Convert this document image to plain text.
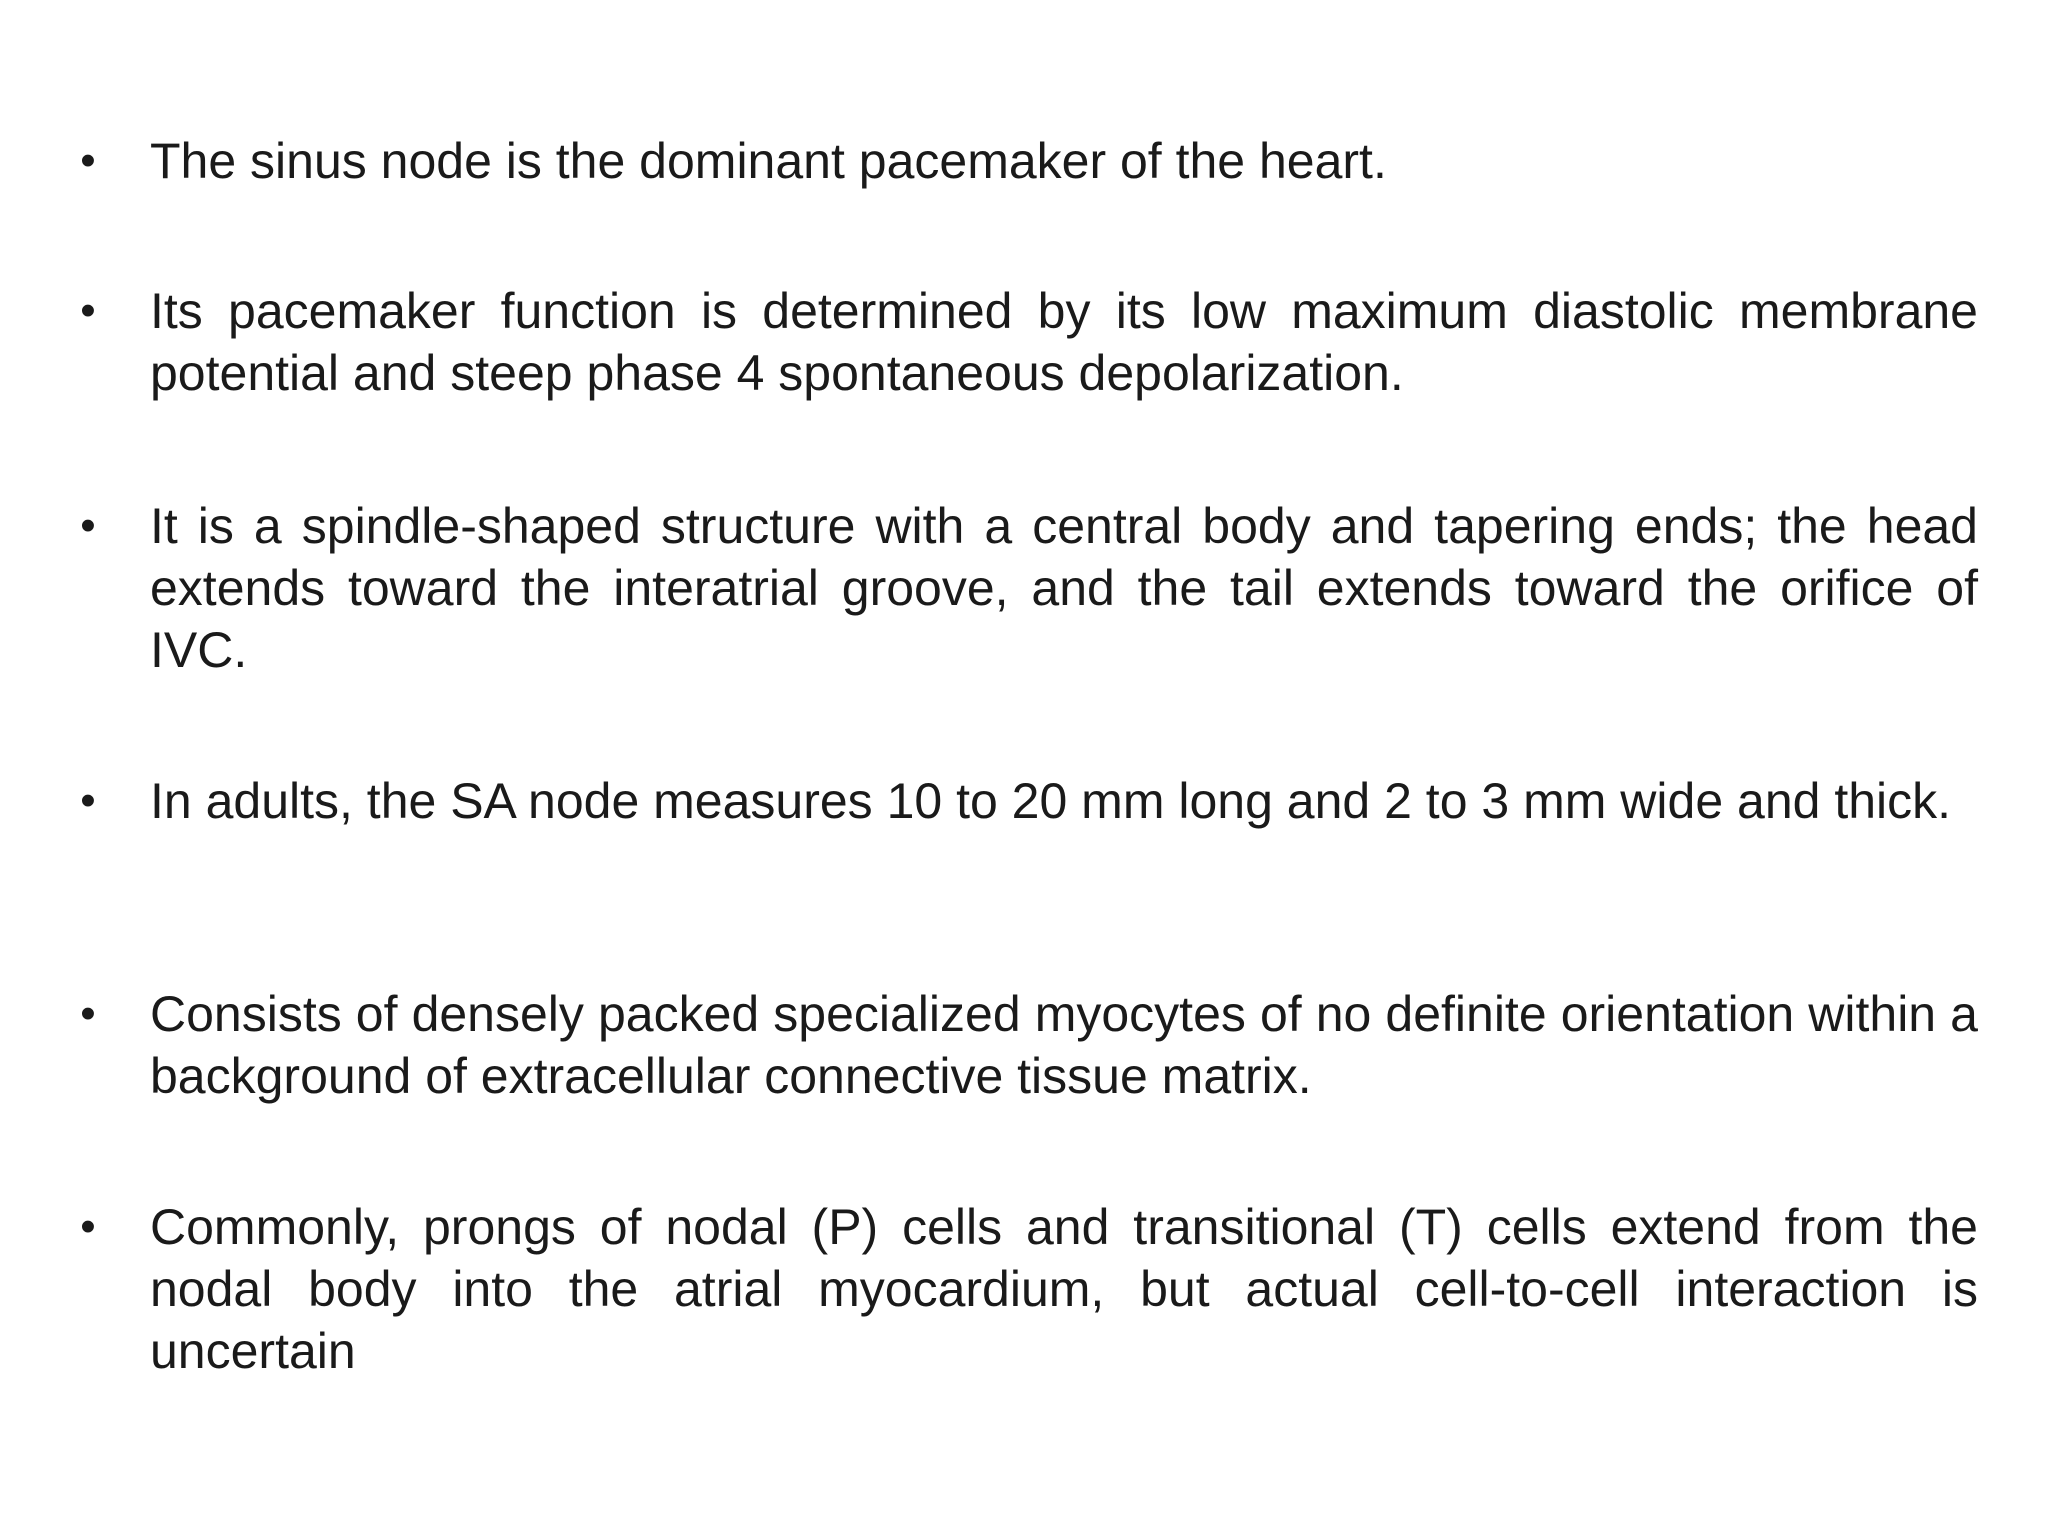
• The sinus node is the dominant pacemaker of the heart.
• Its pacemaker function is determined by its low maximum diastolic membrane potential and steep phase 4 spontaneous depolarization.
• It is a spindle-shaped structure with a central body and tapering ends; the head extends toward the interatrial groove, and the tail extends toward the orifice of IVC.
• In adults, the SA node measures 10 to 20 mm long and 2 to 3 mm wide and thick.
• Consists of densely packed specialized myocytes of no definite orientation within a background of extracellular connective tissue matrix.
• Commonly, prongs of nodal (P) cells and transitional (T) cells extend from the nodal body into the atrial myocardium, but actual cell-to-cell interaction is uncertain
